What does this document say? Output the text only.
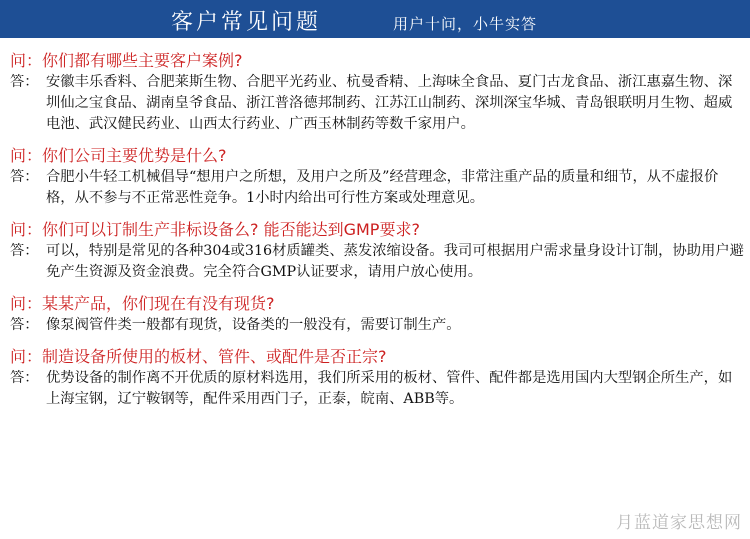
客户常见问题	用户十问，小牛实答
问：你们都有哪些主要客户案例?
答： 安徽丰乐香料、合肥莱斯生物、合肥平光药业、杭曼香精、上海味全食品、夏门古龙食品、浙江惠嘉生物、深圳仙之宝食品、湖南皇爷食品、浙江普洛德邦制药、江苏江山制药、深圳深宝华城、青岛银联明月生物、超威电池、武汉健民药业、山西太行药业、广西玉林制药等数千家用户。
问：你们公司主要优势是什么?
答： 合肥小牛轻工机械倡导“想用户之所想，及用户之所及”经营理念，非常注重产品的质量和细节，从不虚报价格，从不参与不正常恶性竞争。1小时内给出可行性方案或处理意见。
问：你们可以订制生产非标设备么? 能否能达到GMP要求?
答： 可以，特别是常见的各种304或316材质罐类、蒸发浓缩设备。我司可根据用户需求量身设计订制，协助用户避免产生资源及资金浪费。完全符合GMP认证要求，请用户放心使用。
问：某某产品，你们现在有没有现货?
答： 像泵阀管件类一般都有现货，设备类的一般没有，需要订制生产。
问：制造设备所使用的板材、管件、或配件是否正宗?
答： 优势设备的制作离不开优质的原材料选用，我们所采用的板材、管件、配件都是选用国内大型钢企所生产，如上海宝钢，辽宁鞍钢等，配件采用西门子，正泰，皖南、ABB等。
月蓝道家思想网
